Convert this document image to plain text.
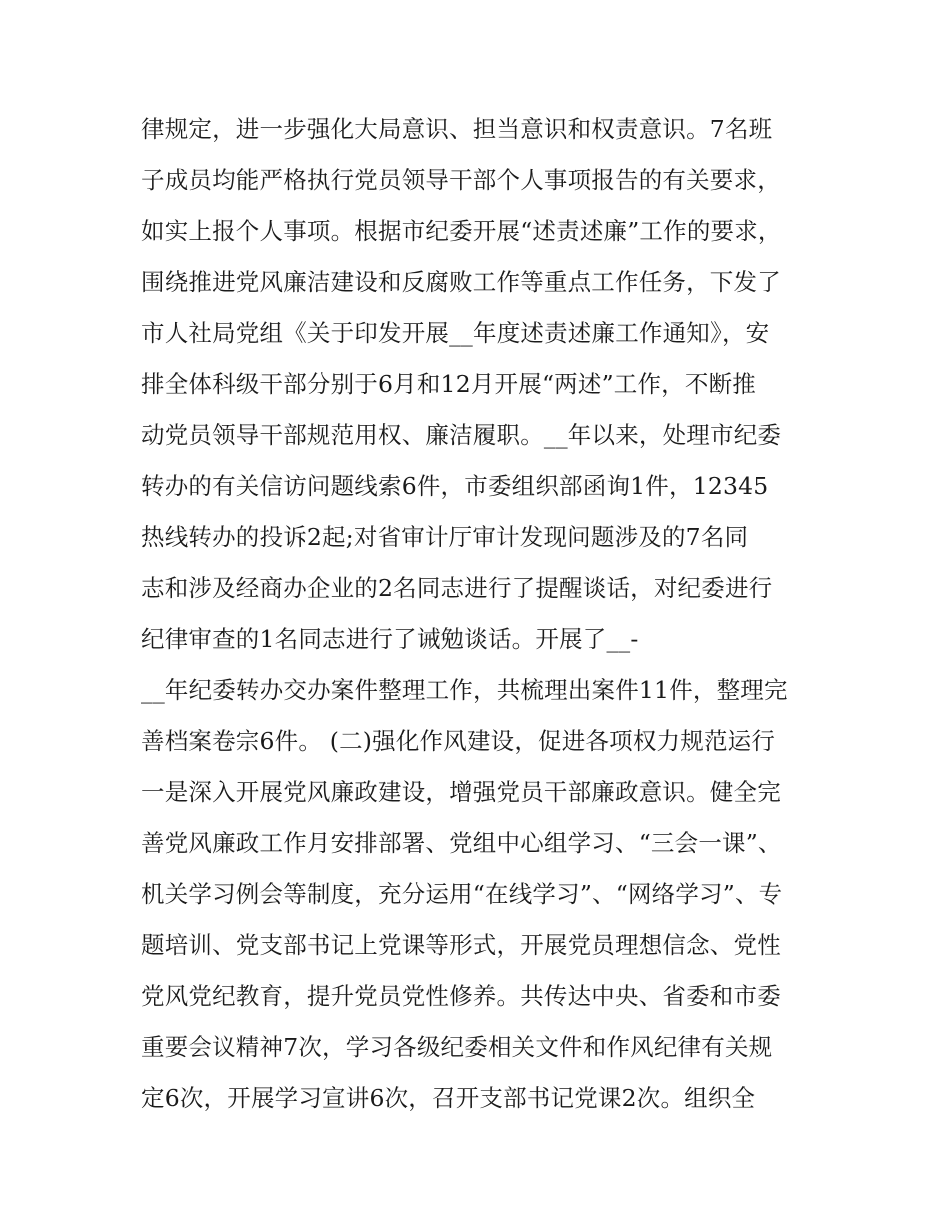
律规定，进一步强化大局意识、担当意识和权责意识。7名班
子成员均能严格执行党员领导干部个人事项报告的有关要求，
如实上报个人事项。根据市纪委开展“述责述廉”工作的要求，
围绕推进党风廉洁建设和反腐败工作等重点工作任务，下发了
市人社局党组《关于印发开展__年度述责述廉工作通知》，安
排全体科级干部分别于6月和12月开展“两述”工作，不断推
动党员领导干部规范用权、廉洁履职。__年以来，处理市纪委
转办的有关信访问题线索6件，市委组织部函询1件，12345
热线转办的投诉2起;对省审计厅审计发现问题涉及的7名同
志和涉及经商办企业的2名同志进行了提醒谈话，对纪委进行
纪律审查的1名同志进行了诫勉谈话。开展了__-
__年纪委转办交办案件整理工作，共梳理出案件11件，整理完
善档案卷宗6件。 (二)强化作风建设，促进各项权力规范运行
一是深入开展党风廉政建设，增强党员干部廉政意识。健全完
善党风廉政工作月安排部署、党组中心组学习、“三会一课”、
机关学习例会等制度，充分运用“在线学习”、“网络学习”、专
题培训、党支部书记上党课等形式，开展党员理想信念、党性
党风党纪教育，提升党员党性修养。共传达中央、省委和市委
重要会议精神7次，学习各级纪委相关文件和作风纪律有关规
定6次，开展学习宣讲6次，召开支部书记党课2次。组织全
